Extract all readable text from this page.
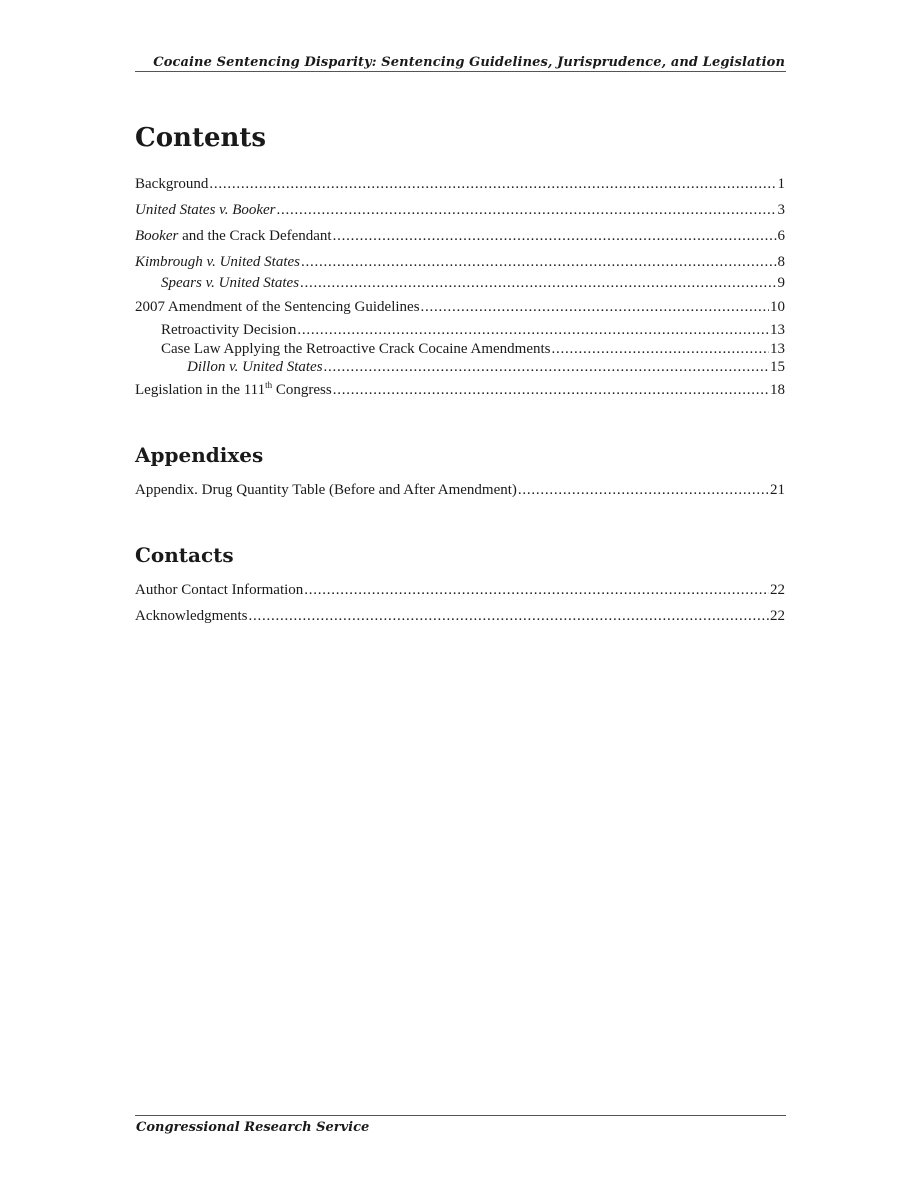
Cocaine Sentencing Disparity: Sentencing Guidelines, Jurisprudence, and Legislation
Contents
Background . . .	1
United States v. Booker . . .	3
Booker and the Crack Defendant . . .	6
Kimbrough v. United States . . .	8
Spears v. United States . . .	9
2007 Amendment of the Sentencing Guidelines . . .	10
Retroactivity Decision . . .	13
Case Law Applying the Retroactive Crack Cocaine Amendments . . .	13
Dillon v. United States . . .	15
Legislation in the 111th Congress . . .	18
Appendixes
Appendix. Drug Quantity Table (Before and After Amendment) . . .	21
Contacts
Author Contact Information . . .	22
Acknowledgments . . .	22
Congressional Research Service
